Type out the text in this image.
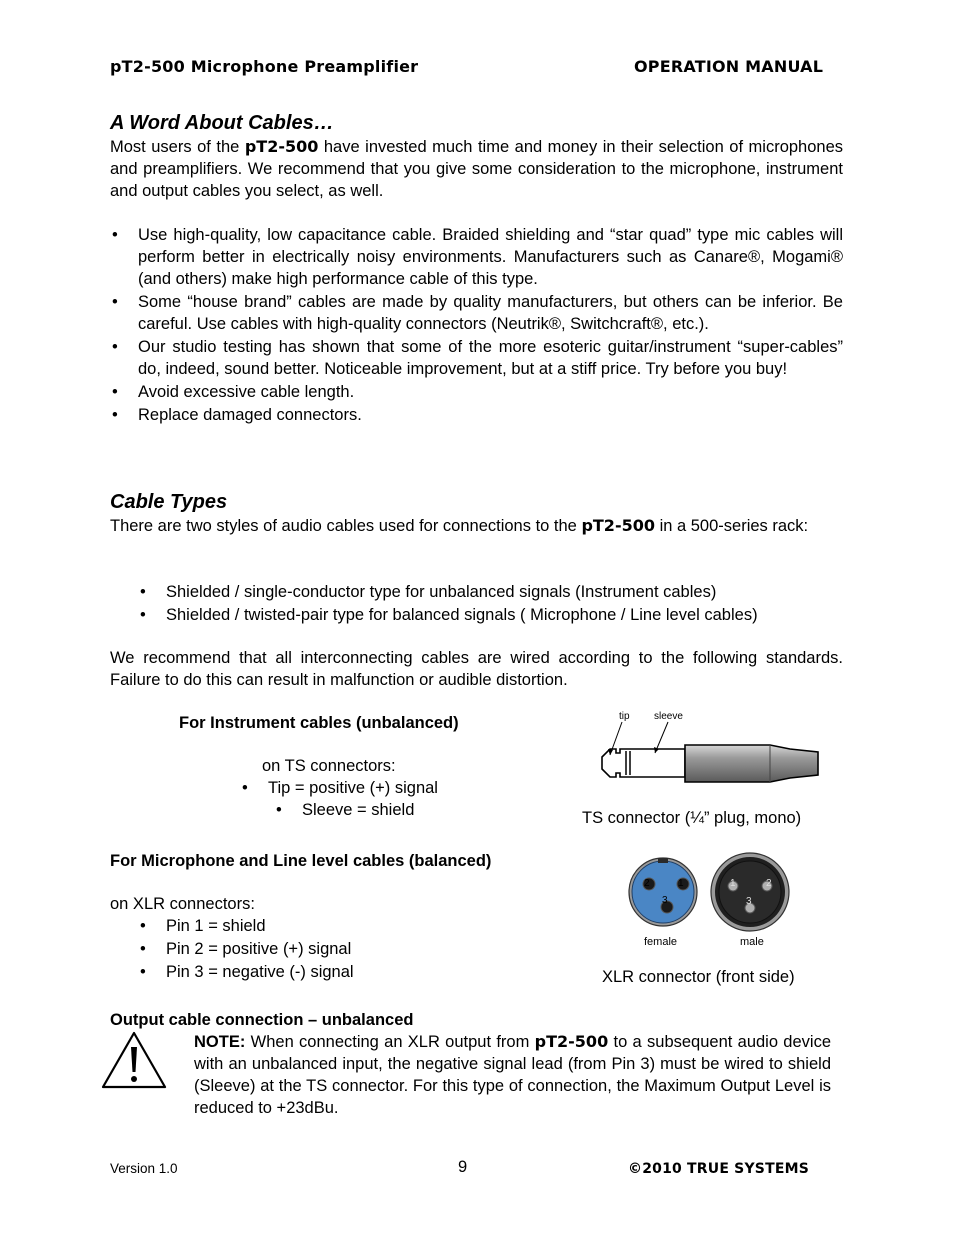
pT2-500 Microphone Preamplifier	OPERATION MANUAL
A Word About Cables…
Most users of the pT2-500 have invested much time and money in their selection of microphones and preamplifiers. We recommend that you give some consideration to the microphone, instrument and output cables you select, as well.
• Use high-quality, low capacitance cable. Braided shielding and “star quad” type mic cables will perform better in electrically noisy environments. Manufacturers such as Canare®, Mogami® (and others) make high performance cable of this type.
• Some “house brand” cables are made by quality manufacturers, but others can be inferior. Be careful. Use cables with high-quality connectors (Neutrik®, Switchcraft®, etc.).
• Our studio testing has shown that some of the more esoteric guitar/instrument “super-cables” do, indeed, sound better. Noticeable improvement, but at a stiff price. Try before you buy!
• Avoid excessive cable length.
• Replace damaged connectors.
Cable Types
There are two styles of audio cables used for connections to the pT2-500 in a 500-series rack:
• Shielded / single-conductor type for unbalanced signals (Instrument cables)
• Shielded / twisted-pair type for balanced signals ( Microphone / Line level cables)
We recommend that all interconnecting cables are wired according to the following standards. Failure to do this can result in malfunction or audible distortion.
For Instrument cables (unbalanced)
on TS connectors:
• Tip = positive (+) signal
• Sleeve = shield
tip sleeve
TS connector (¼” plug, mono)
For Microphone and Line level cables (balanced)
on XLR connectors:
• Pin 1 = shield
• Pin 2 = positive (+) signal
• Pin 3 = negative (-) signal
2	1
3
1	2
3
female	male
XLR connector (front side)
Output cable connection – unbalanced
NOTE: When connecting an XLR output from pT2-500 to a subsequent audio device with an unbalanced input, the negative signal lead (from Pin 3) must be wired to shield (Sleeve) at the TS connector. For this type of connection, the Maximum Output Level is reduced to +23dBu.
Version 1.0	9	©2010 TRUE SYSTEMS
